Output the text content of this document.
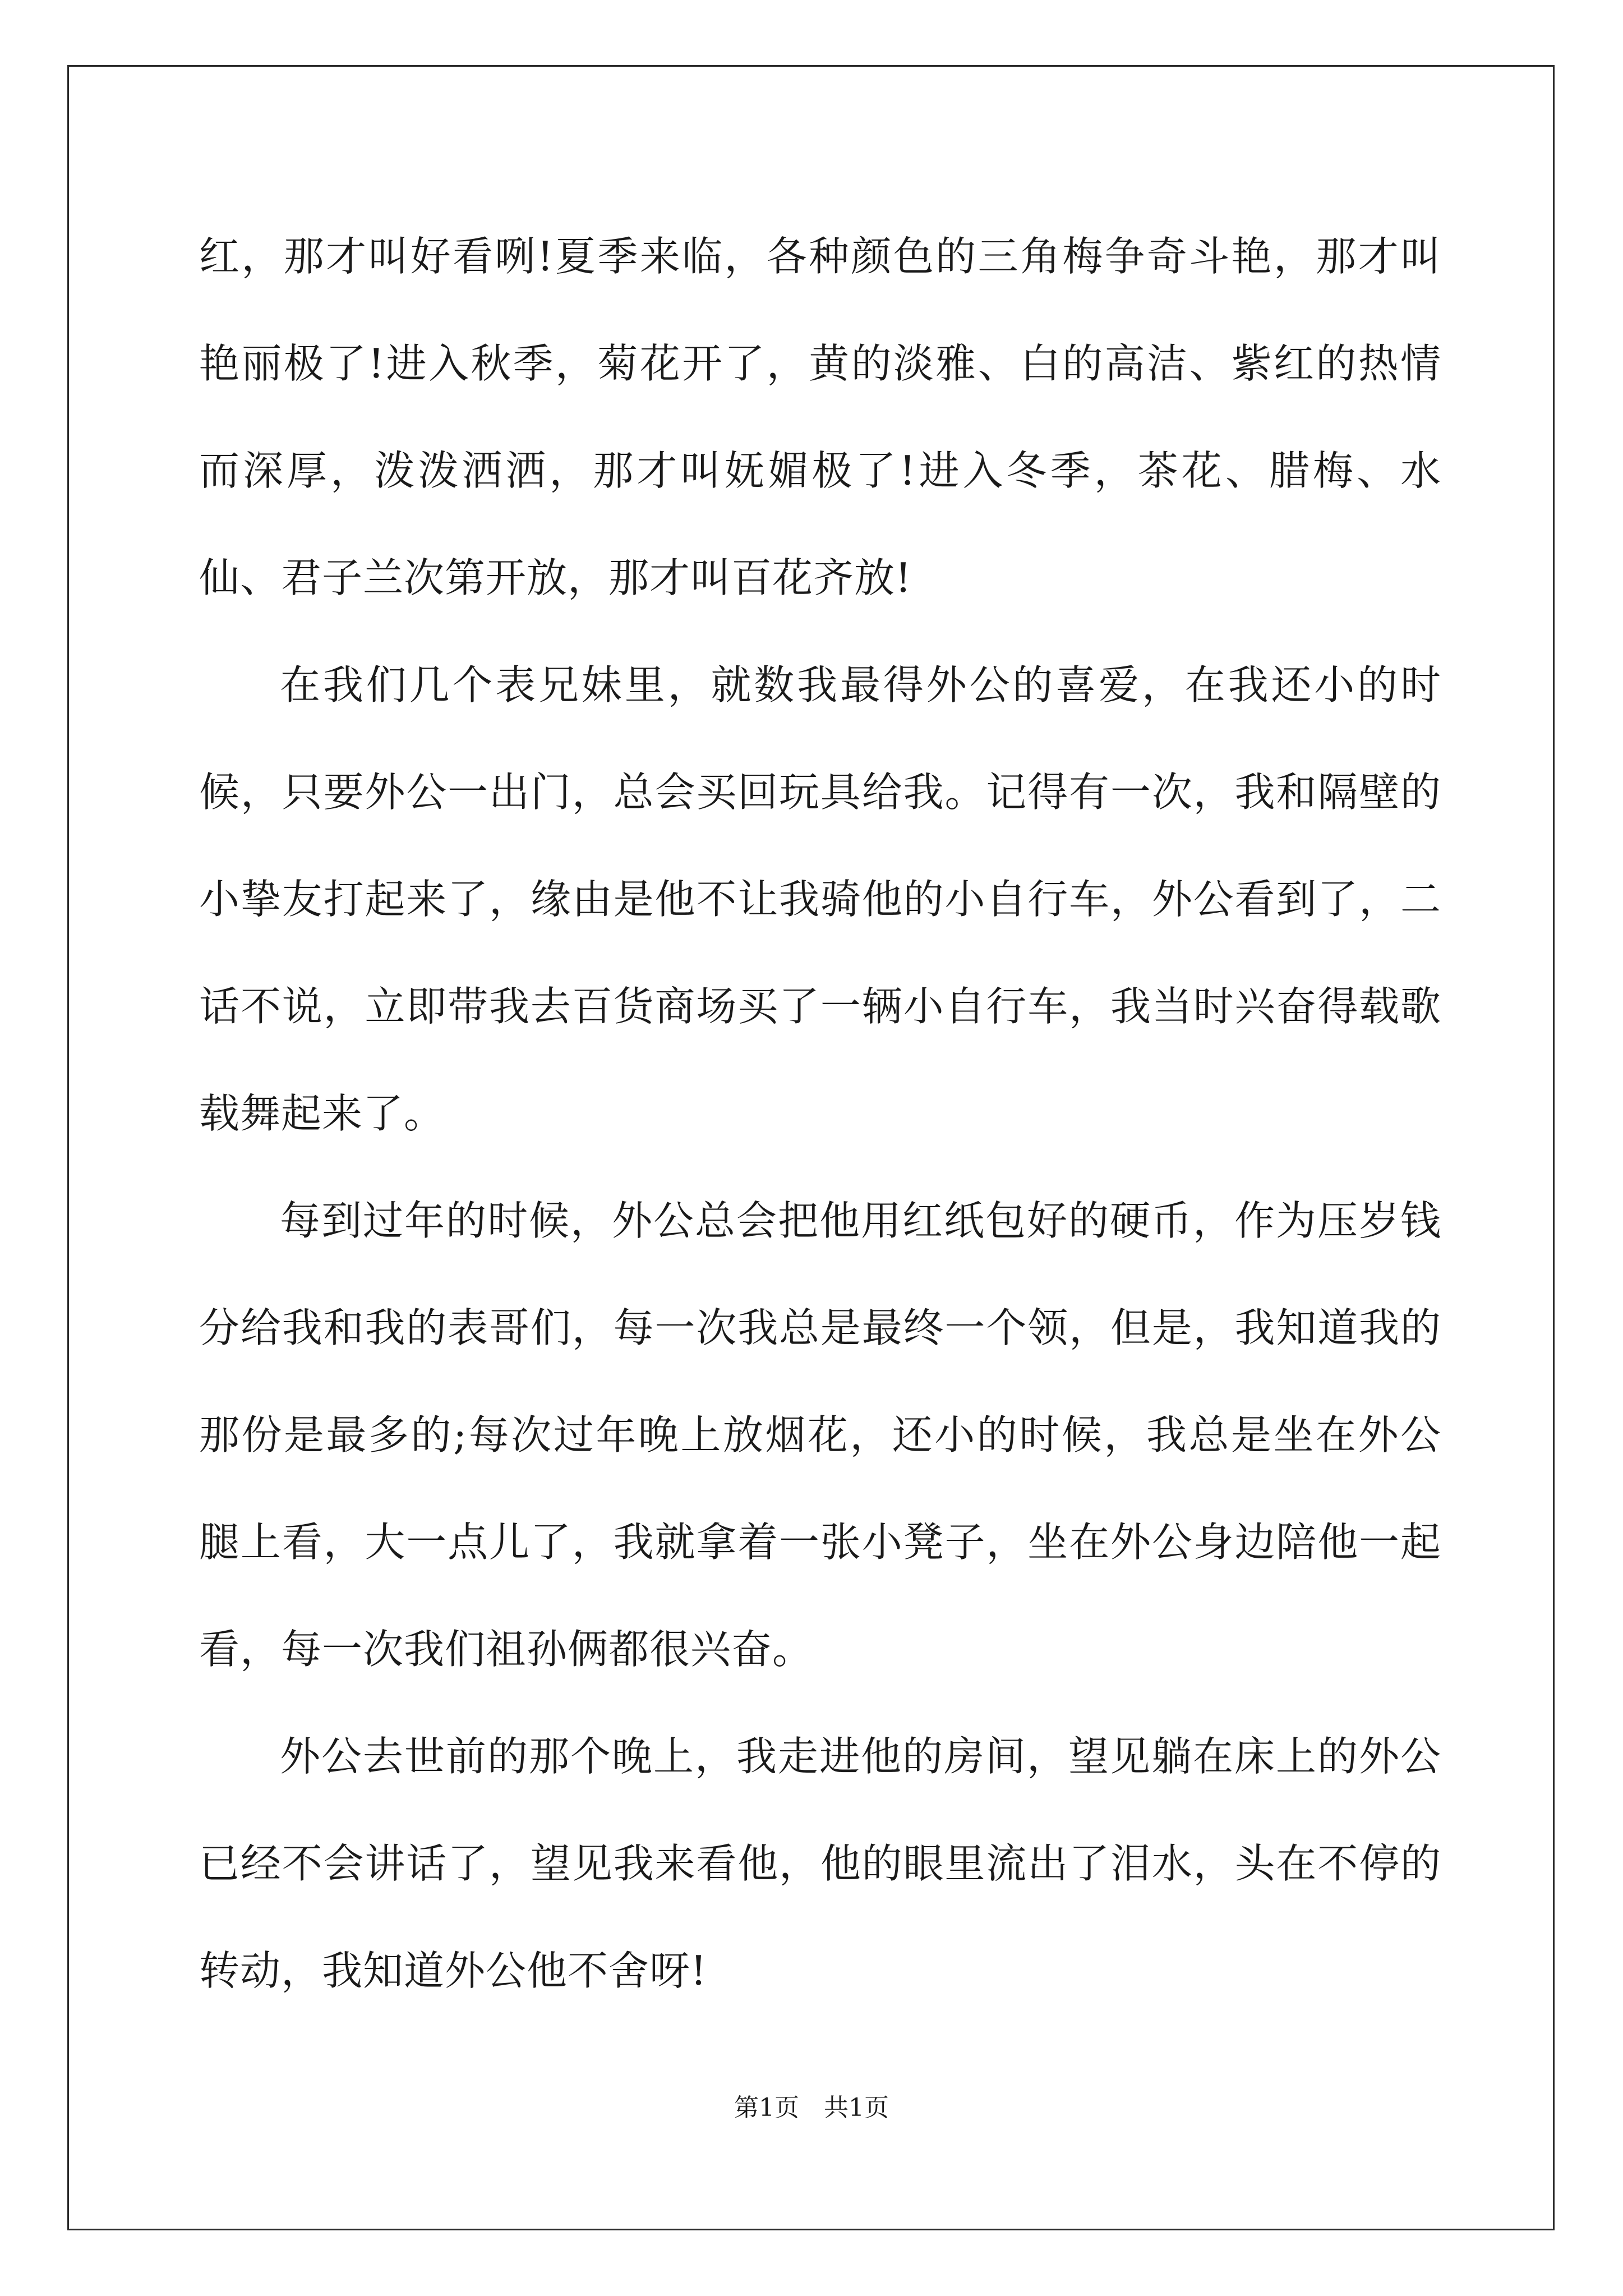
红，那才叫好看咧!夏季来临，各种颜色的三角梅争奇斗艳，那才叫艳丽极了!进入秋季，菊花开了，黄的淡雅、白的高洁、紫红的热情而深厚，泼泼洒洒，那才叫妩媚极了!进入冬季，茶花、腊梅、水仙、君子兰次第开放，那才叫百花齐放!

在我们几个表兄妹里，就数我最得外公的喜爱，在我还小的时候，只要外公一出门，总会买回玩具给我。记得有一次，我和隔壁的小挚友打起来了，缘由是他不让我骑他的小自行车，外公看到了，二话不说，立即带我去百货商场买了一辆小自行车，我当时兴奋得载歌载舞起来了。

每到过年的时候，外公总会把他用红纸包好的硬币，作为压岁钱分给我和我的表哥们，每一次我总是最终一个领，但是，我知道我的那份是最多的;每次过年晚上放烟花，还小的时候，我总是坐在外公腿上看，大一点儿了，我就拿着一张小凳子，坐在外公身边陪他一起看，每一次我们祖孙俩都很兴奋。

外公去世前的那个晚上，我走进他的房间，望见躺在床上的外公已经不会讲话了，望见我来看他，他的眼里流出了泪水，头在不停的转动，我知道外公他不舍呀!

第1页　共1页
